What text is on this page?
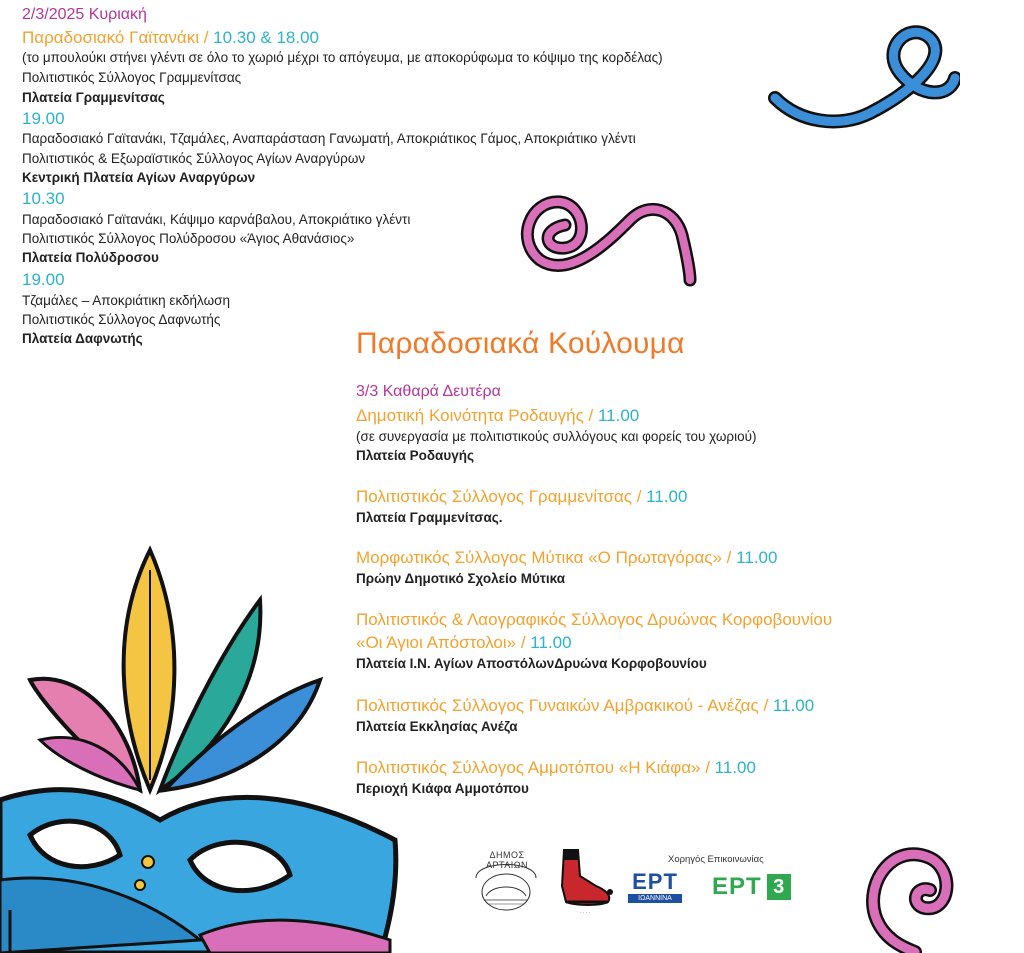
2/3/2025 Κυριακή
Παραδοσιακό Γαϊτανάκι / 10.30 & 18.00
(το μπουλούκι στήνει γλέντι σε όλο το χωριό μέχρι το απόγευμα, με αποκορύφωμα το κόψιμο της κορδέλας)
Πολιτιστικός Σύλλογος Γραμμενίτσας
Πλατεία Γραμμενίτσας
19.00
Παραδοσιακό Γαϊτανάκι, Τζαμάλες, Αναπαράσταση Γανωματή, Αποκριάτικος Γάμος, Αποκριάτικο γλέντι
Πολιτιστικός & Εξωραϊστικός Σύλλογος Αγίων Αναργύρων
Κεντρική Πλατεία Αγίων Αναργύρων
10.30
Παραδοσιακό Γαϊτανάκι, Κάψιμο καρνάβαλου, Αποκριάτικο γλέντι
Πολιτιστικός Σύλλογος Πολύδροσου «Άγιος Αθανάσιος»
Πλατεία Πολύδροσου
19.00
Τζαμάλες – Αποκριάτικη εκδήλωση
Πολιτιστικός Σύλλογος Δαφνωτής
Πλατεία Δαφνωτής	Παραδοσιακά Κούλουμα
3/3 Καθαρά Δευτέρα
Δημοτική Κοινότητα Ροδαυγής / 11.00
(σε συνεργασία με πολιτιστικούς συλλόγους και φορείς του χωριού)
Πλατεία Ροδαυγής
Πολιτιστικός Σύλλογος Γραμμενίτσας / 11.00
Πλατεία Γραμμενίτσας.
Μορφωτικός Σύλλογος Μύτικα «Ο Πρωταγόρας» / 11.00
Πρώην Δημοτικό Σχολείο Μύτικα
Πολιτιστικός & Λαογραφικός Σύλλογος Δρυώνας Κορφοβουνίου
«Οι Άγιοι Απόστολοι» / 11.00
Πλατεία Ι.Ν. Αγίων ΑποστόλωνΔρυώνα Κορφοβουνίου
Πολιτιστικός Σύλλογος Γυναικών Αμβρακικού - Ανέζας / 11.00
Πλατεία Εκκλησίας Ανέζα
Πολιτιστικός Σύλλογος Αμμοτόπου «Η Κιάφα» / 11.00
Περιοχή Κιάφα Αμμοτόπου
ΔΗΜΟΣ ΑΡΤΑΙΩΝ
. . . .
Χορηγός Επικοινωνίας
ΕΡΤ
ΙΩΑΝΝΙΝΑ	ΕΡΤ 3
